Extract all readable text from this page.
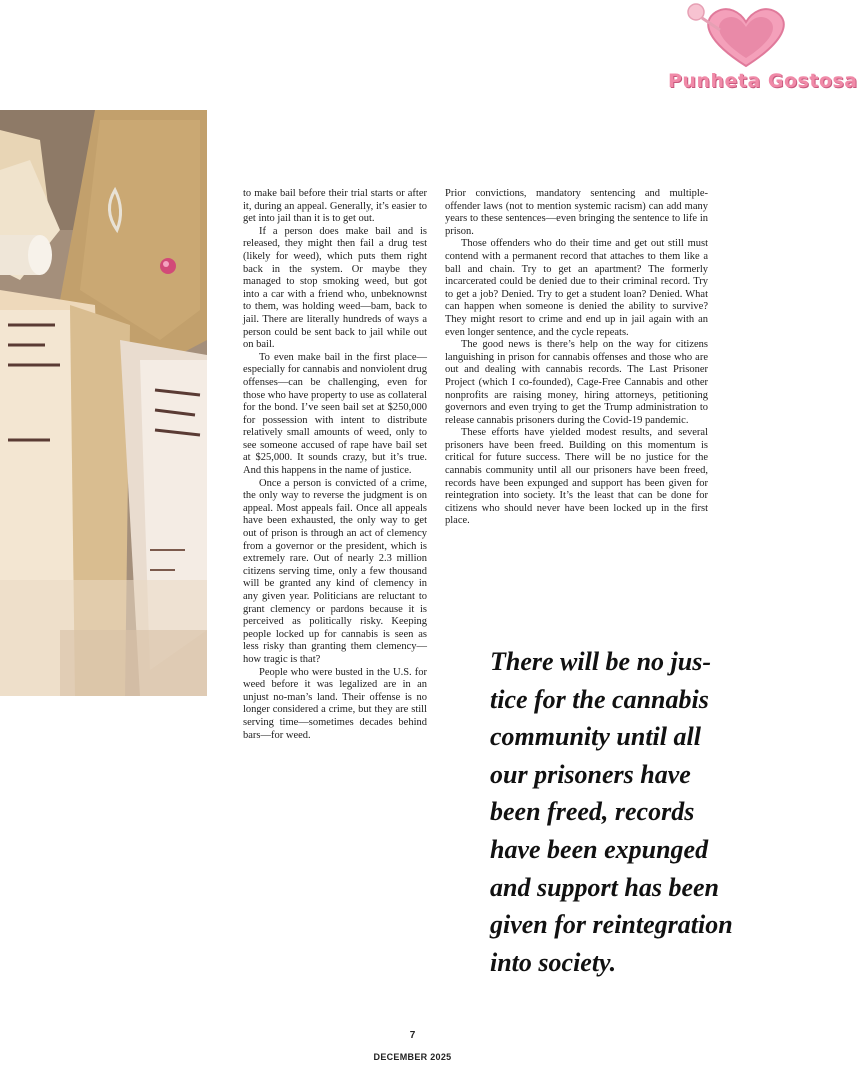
Punheta Gostosa

to make bail before their trial starts or after it, during an appeal. Generally, it’s easier to get into jail than it is to get out.

If a person does make bail and is released, they might then fail a drug test (likely for weed), which puts them right back in the system. Or maybe they managed to stop smoking weed, but got into a car with a friend who, unbeknownst to them, was holding weed—bam, back to jail. There are literally hundreds of ways a person could be sent back to jail while out on bail.

To even make bail in the first place—especially for cannabis and nonviolent drug offenses—can be challenging, even for those who have property to use as collateral for the bond. I’ve seen bail set at $250,000 for possession with intent to distribute relatively small amounts of weed, only to see someone accused of rape have bail set at $25,000. It sounds crazy, but it’s true. And this happens in the name of justice.

Once a person is convicted of a crime, the only way to reverse the judgment is on appeal. Most appeals fail. Once all appeals have been exhausted, the only way to get out of prison is through an act of clemency from a governor or the president, which is extremely rare. Out of nearly 2.3 million citizens serving time, only a few thousand will be granted any kind of clemency in any given year. Politicians are reluctant to grant clemency or pardons because it is perceived as politically risky. Keeping people locked up for cannabis is seen as less risky than granting them clemency—how tragic is that?

People who were busted in the U.S. for weed before it was legalized are in an unjust no-man’s land. Their offense is no longer considered a crime, but they are still serving time—sometimes decades behind bars—for weed.

Prior convictions, mandatory sentencing and multiple-offender laws (not to mention systemic racism) can add many years to these sentences—even bringing the sentence to life in prison.

Those offenders who do their time and get out still must contend with a permanent record that attaches to them like a ball and chain. Try to get an apartment? The formerly incarcerated could be denied due to their criminal record. Try to get a job? Denied. Try to get a student loan? Denied. What can happen when someone is denied the ability to survive? They might resort to crime and end up in jail again with an even longer sentence, and the cycle repeats.

The good news is there’s help on the way for citizens languishing in prison for cannabis offenses and those who are out and dealing with cannabis records. The Last Prisoner Project (which I co-founded), Cage-Free Cannabis and other nonprofits are raising money, hiring attorneys, petitioning governors and even trying to get the Trump administration to release cannabis prisoners during the Covid-19 pandemic.

These efforts have yielded modest results, and several prisoners have been freed. Building on this momentum is critical for future success. There will be no justice for the cannabis community until all our prisoners have been freed, records have been expunged and support has been given for reintegration into society. It’s the least that can be done for citizens who should never have been locked up in the first place.

There will be no jus-
tice for the cannabis
community until all
our prisoners have
been freed, records
have been expunged
and support has been
given for reintegration
into society.

7
DECEMBER 2025
